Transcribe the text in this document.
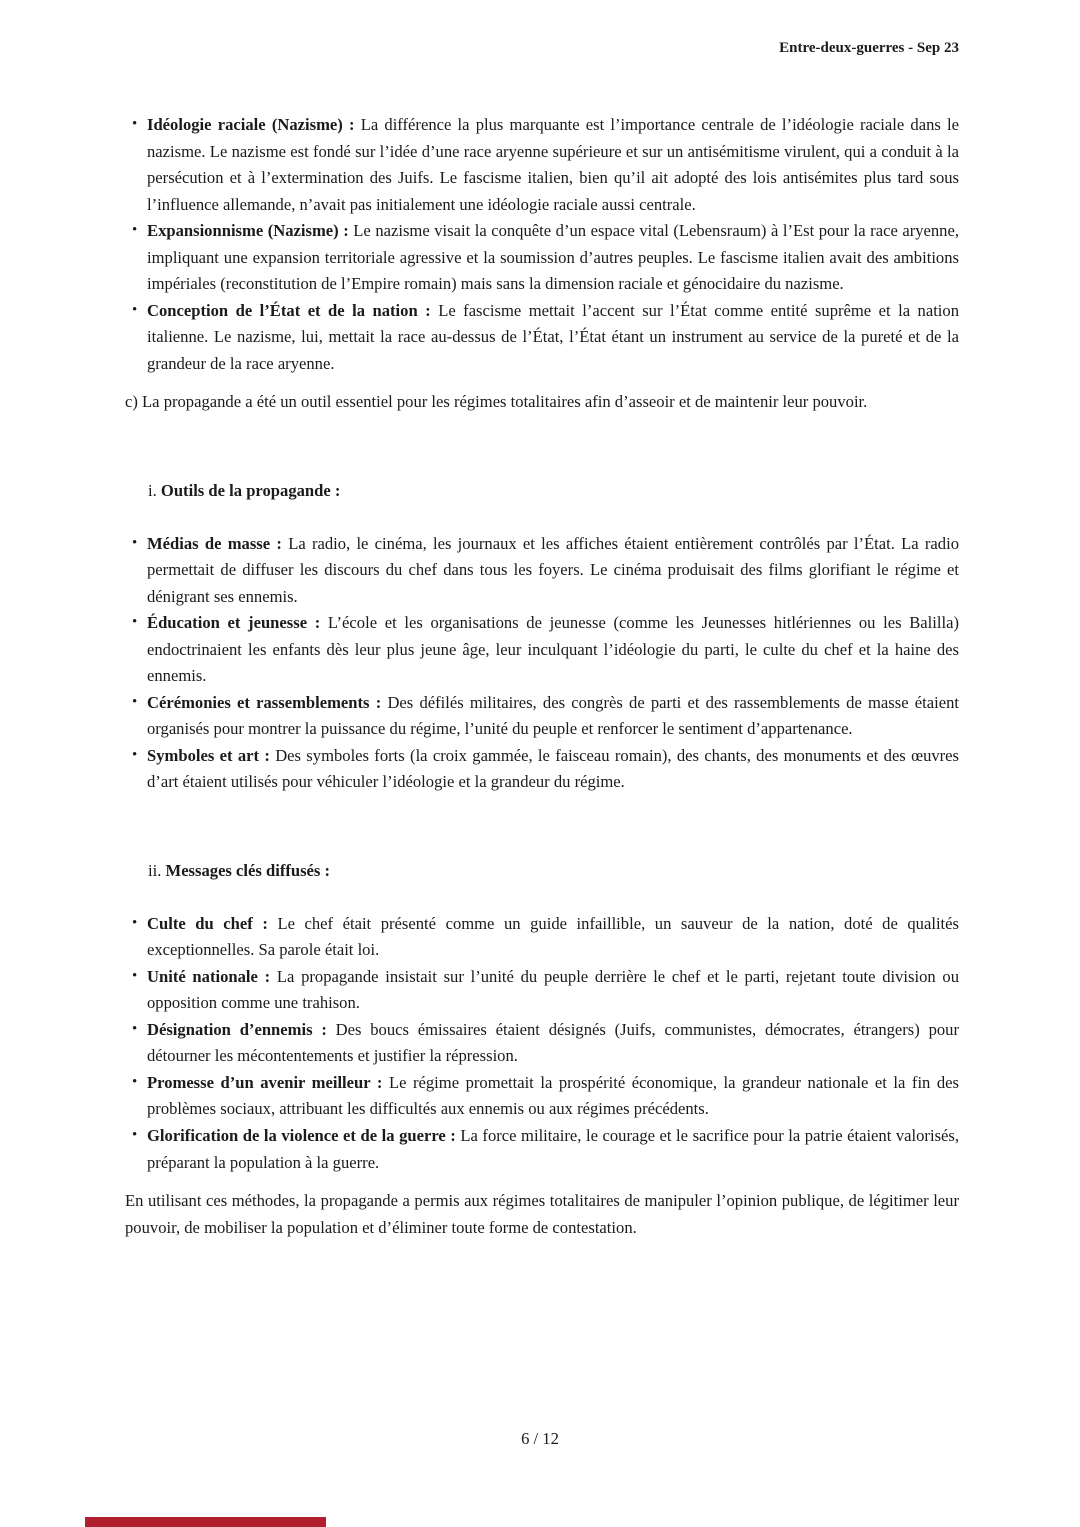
Entre-deux-guerres - Sep 23
• Idéologie raciale (Nazisme) : La différence la plus marquante est l’importance centrale de l’idéologie raciale dans le nazisme. Le nazisme est fondé sur l’idée d’une race aryenne supérieure et sur un antisémitisme virulent, qui a conduit à la persécution et à l’extermination des Juifs. Le fascisme italien, bien qu’il ait adopté des lois antisémites plus tard sous l’influence allemande, n’avait pas initialement une idéologie raciale aussi centrale.
• Expansionnisme (Nazisme) : Le nazisme visait la conquête d’un espace vital (Lebensraum) à l’Est pour la race aryenne, impliquant une expansion territoriale agressive et la soumission d’autres peuples. Le fascisme italien avait des ambitions impériales (reconstitution de l’Empire romain) mais sans la dimension raciale et génocidaire du nazisme.
• Conception de l’État et de la nation : Le fascisme mettait l’accent sur l’État comme entité suprême et la nation italienne. Le nazisme, lui, mettait la race au-dessus de l’État, l’État étant un instrument au service de la pureté et de la grandeur de la race aryenne.

c) La propagande a été un outil essentiel pour les régimes totalitaires afin d’asseoir et de maintenir leur pouvoir.

i. Outils de la propagande :
• Médias de masse : La radio, le cinéma, les journaux et les affiches étaient entièrement contrôlés par l’État. La radio permettait de diffuser les discours du chef dans tous les foyers. Le cinéma produisait des films glorifiant le régime et dénigrant ses ennemis.
• Éducation et jeunesse : L’école et les organisations de jeunesse (comme les Jeunesses hitlériennes ou les Balilla) endoctrinaient les enfants dès leur plus jeune âge, leur inculquant l’idéologie du parti, le culte du chef et la haine des ennemis.
• Cérémonies et rassemblements : Des défilés militaires, des congrès de parti et des rassemblements de masse étaient organisés pour montrer la puissance du régime, l’unité du peuple et renforcer le sentiment d’appartenance.
• Symboles et art : Des symboles forts (la croix gammée, le faisceau romain), des chants, des monuments et des œuvres d’art étaient utilisés pour véhiculer l’idéologie et la grandeur du régime.
ii. Messages clés diffusés :
• Culte du chef : Le chef était présenté comme un guide infaillible, un sauveur de la nation, doté de qualités exceptionnelles. Sa parole était loi.
• Unité nationale : La propagande insistait sur l’unité du peuple derrière le chef et le parti, rejetant toute division ou opposition comme une trahison.
• Désignation d’ennemis : Des boucs émissaires étaient désignés (Juifs, communistes, démocrates, étrangers) pour détourner les mécontentements et justifier la répression.
• Promesse d’un avenir meilleur : Le régime promettait la prospérité économique, la grandeur nationale et la fin des problèmes sociaux, attribuant les difficultés aux ennemis ou aux régimes précédents.
• Glorification de la violence et de la guerre : La force militaire, le courage et le sacrifice pour la patrie étaient valorisés, préparant la population à la guerre.

En utilisant ces méthodes, la propagande a permis aux régimes totalitaires de manipuler l’opinion publique, de légitimer leur pouvoir, de mobiliser la population et d’éliminer toute forme de contestation.

6 / 12
